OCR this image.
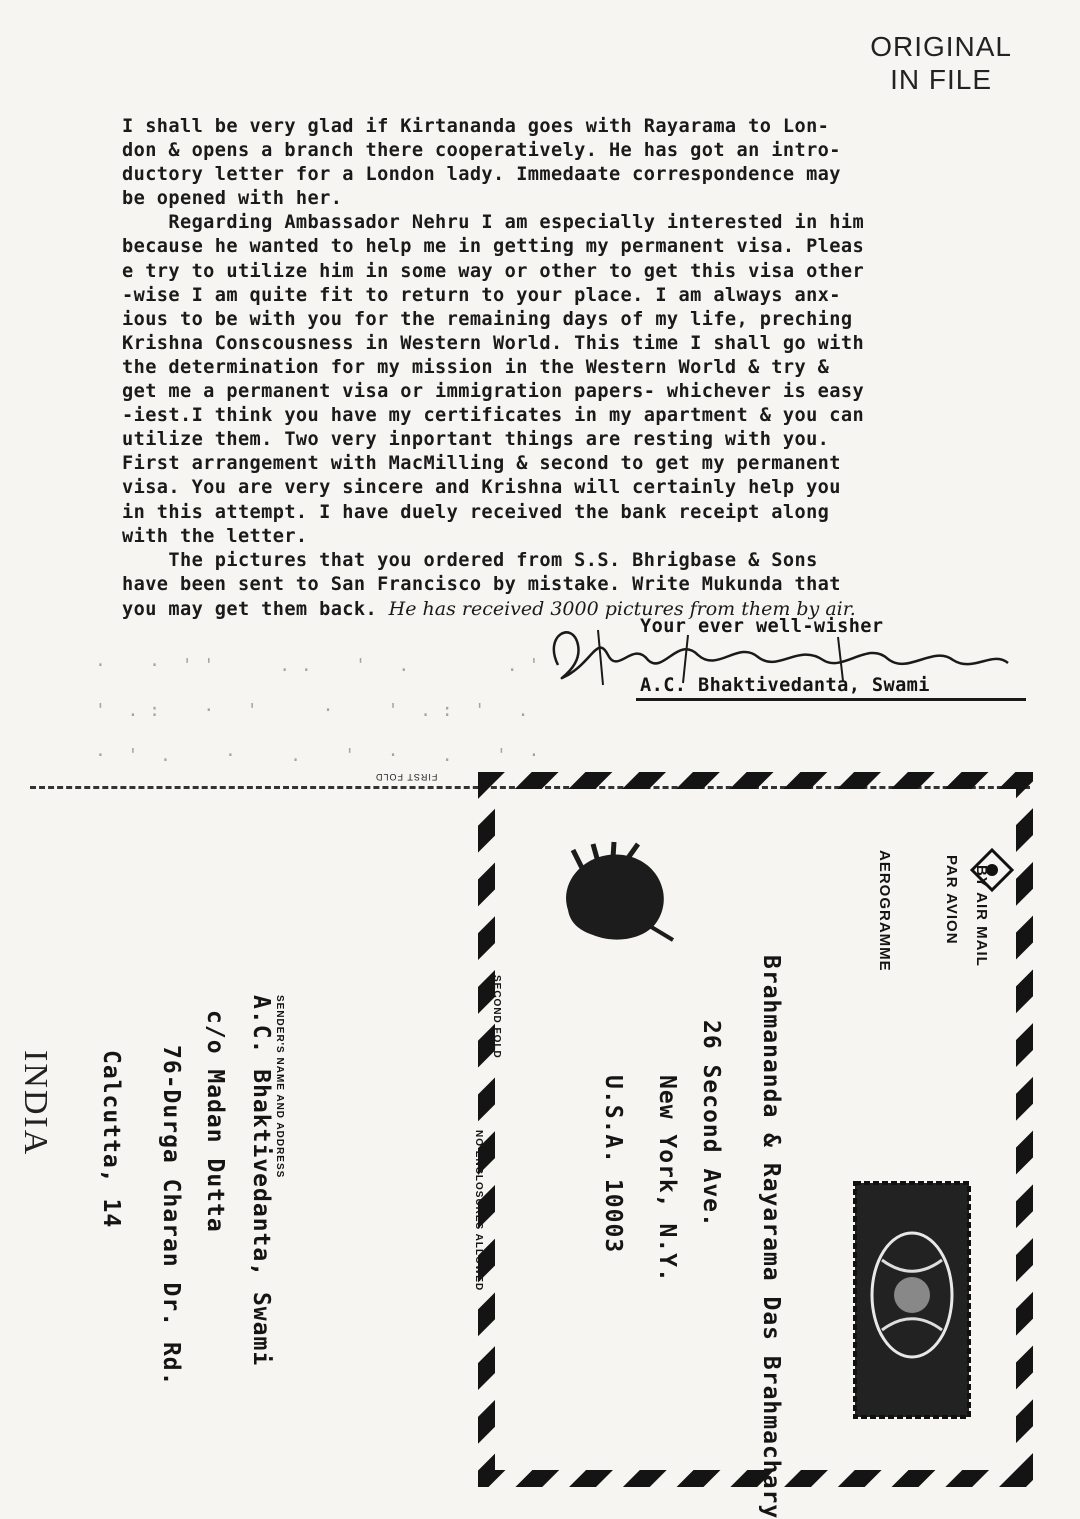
ORIGINAL
IN FILE
I shall be very glad if Kirtananda goes with Rayarama to Lon-
don & opens a branch there cooperatively. He has got an intro-
ductory letter for a London lady. Immedaate correspondence may
be opened with her.
Regarding Ambassador Nehru I am especially interested in him
because he wanted to help me in getting my permanent visa. Pleas
e try to utilize him in some way or other to get this visa other
-wise I am quite fit to return to your place. I am always anx-
ious to be with you for the remaining days of my life, preching
Krishna Conscousness in Western World. This time I shall go with
the determination for my mission in the Western World & try &
get me a permanent visa or immigration papers- whichever is easy
-iest.I think you have my certificates in my apartment & you can
utilize them. Two very inportant things are resting with you.
First arrangement with MacMilling & second to get my permanent
visa. You are very sincere and Krishna will certainly help you
in this attempt. I have duely received the bank receipt along
with the letter.
The pictures that you ordered from S.S. Bhrigbase & Sons
have been sent to San Francisco by mistake. Write Mukunda that
you may get them back. He has received 3000 pictures from them by air.
Your ever well-wisher
A.C. Bhaktivedanta, Swami
·    ·  ' '      . .    '   .         . '
'  . :    ·   '      ·     '  . :  '   .
·  '  .     ·     .    '   ·    .    '  ·
FIRST FOLD
SECOND FOLD
NO ENCLOSURES ALLOWED
BY AIR MAIL
PAR AVION
AEROGRAMME
Brahmananda & Rayarama Das Brahmachary
26 Second Ave.
New York, N.Y.
U.S.A. 10003
SENDER'S NAME AND ADDRESS
A.C. Bhaktivedanta, Swami
c/o Madan Dutta
76-Durga Charan Dr. Rd.
Calcutta, 14
INDIA
